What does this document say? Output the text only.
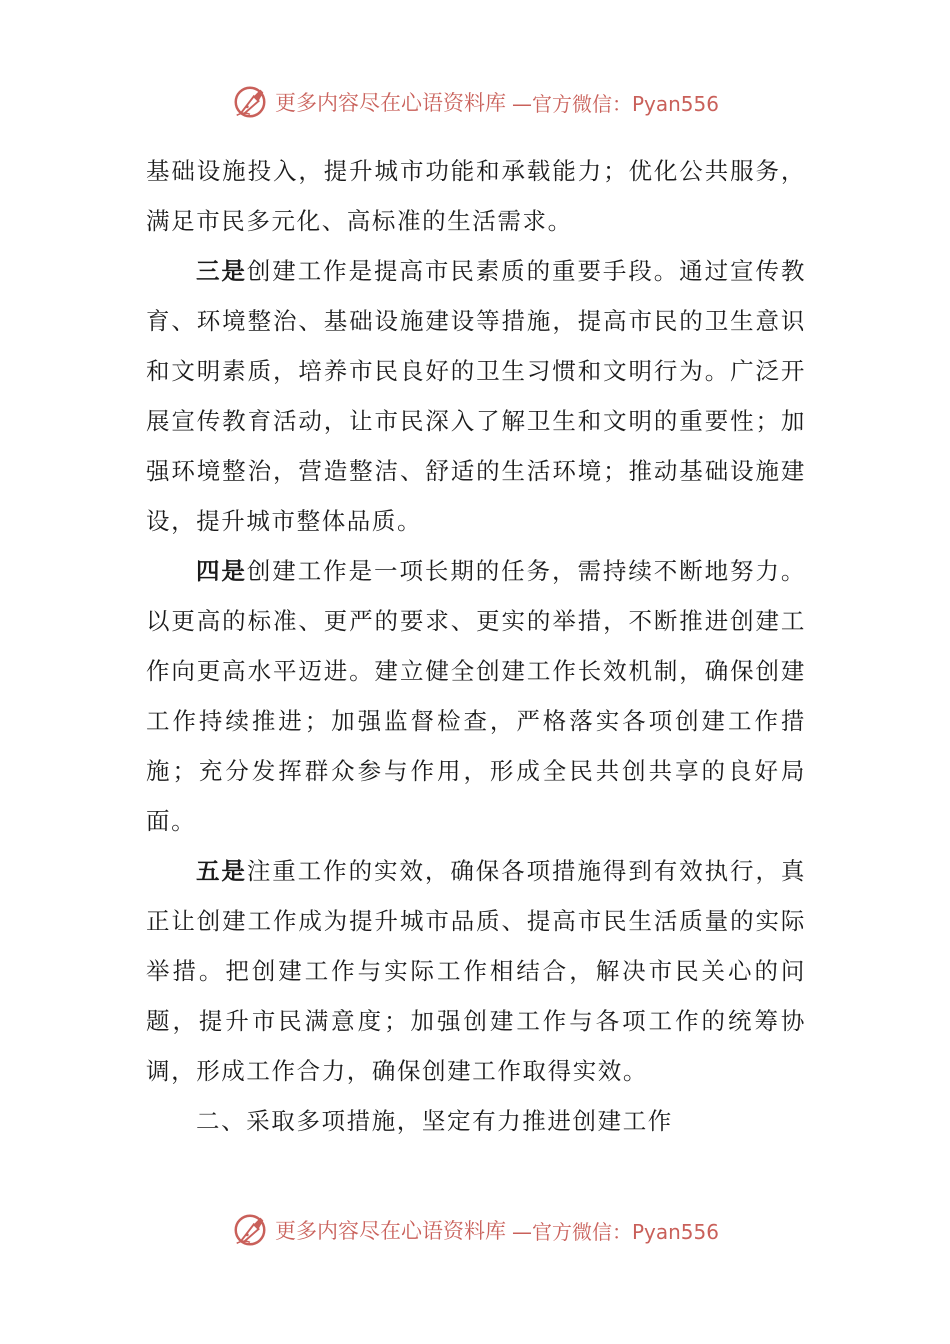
更多内容尽在心语资料库 —官方微信：Pyan556

基础设施投入，提升城市功能和承载能力；优化公共服务，满足市民多元化、高标准的生活需求。

三是创建工作是提高市民素质的重要手段。通过宣传教育、环境整治、基础设施建设等措施，提高市民的卫生意识和文明素质，培养市民良好的卫生习惯和文明行为。广泛开展宣传教育活动，让市民深入了解卫生和文明的重要性；加强环境整治，营造整洁、舒适的生活环境；推动基础设施建设，提升城市整体品质。

四是创建工作是一项长期的任务，需持续不断地努力。以更高的标准、更严的要求、更实的举措，不断推进创建工作向更高水平迈进。建立健全创建工作长效机制，确保创建工作持续推进；加强监督检查，严格落实各项创建工作措施；充分发挥群众参与作用，形成全民共创共享的良好局面。

五是注重工作的实效，确保各项措施得到有效执行，真正让创建工作成为提升城市品质、提高市民生活质量的实际举措。把创建工作与实际工作相结合，解决市民关心的问题，提升市民满意度；加强创建工作与各项工作的统筹协调，形成工作合力，确保创建工作取得实效。

二、采取多项措施，坚定有力推进创建工作

更多内容尽在心语资料库 —官方微信：Pyan556
